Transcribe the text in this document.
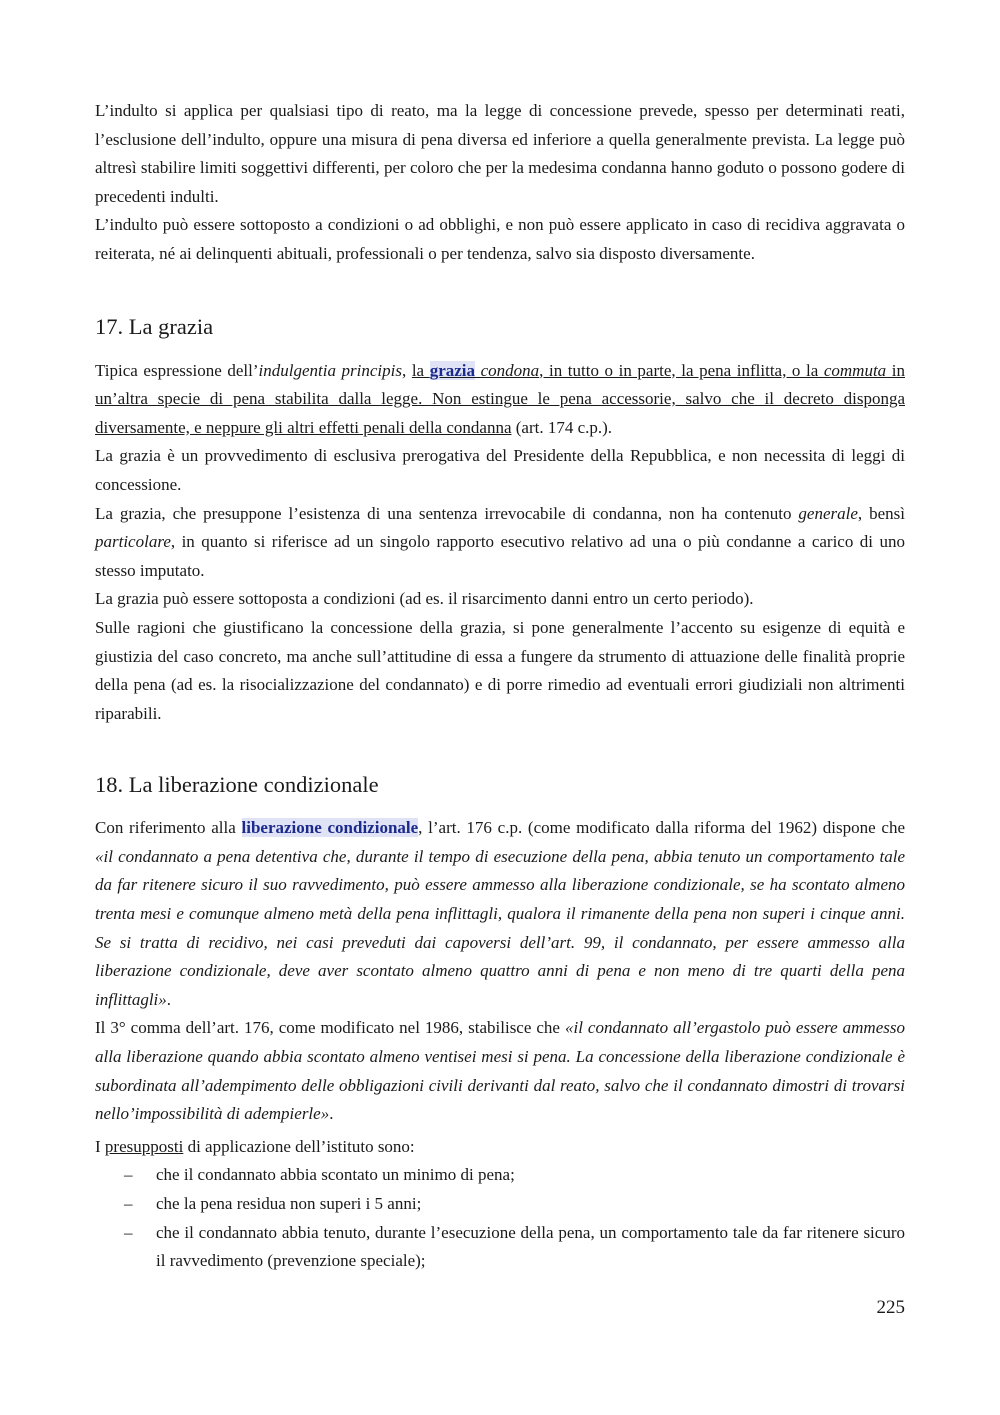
L’indulto si applica per qualsiasi tipo di reato, ma la legge di concessione prevede, spesso per determinati reati, l’esclusione dell’indulto, oppure una misura di pena diversa ed inferiore a quella generalmente prevista. La legge può altresì stabilire limiti soggettivi differenti, per coloro che per la medesima condanna hanno goduto o possono godere di precedenti indulti.

L’indulto può essere sottoposto a condizioni o ad obblighi, e non può essere applicato in caso di recidiva aggravata o reiterata, né ai delinquenti abituali, professionali o per tendenza, salvo sia disposto diversamente.

17. La grazia

Tipica espressione dell’indulgentia principis, la grazia condona, in tutto o in parte, la pena inflitta, o la commuta in un’altra specie di pena stabilita dalla legge. Non estingue le pena accessorie, salvo che il decreto disponga diversamente, e neppure gli altri effetti penali della condanna (art. 174 c.p.).

La grazia è un provvedimento di esclusiva prerogativa del Presidente della Repubblica, e non necessita di leggi di concessione.

La grazia, che presuppone l’esistenza di una sentenza irrevocabile di condanna, non ha contenuto generale, bensì particolare, in quanto si riferisce ad un singolo rapporto esecutivo relativo ad una o più condanne a carico di uno stesso imputato.

La grazia può essere sottoposta a condizioni (ad es. il risarcimento danni entro un certo periodo).

Sulle ragioni che giustificano la concessione della grazia, si pone generalmente l’accento su esigenze di equità e giustizia del caso concreto, ma anche sull’attitudine di essa a fungere da strumento di attuazione delle finalità proprie della pena (ad es. la risocializzazione del condannato) e di porre rimedio ad eventuali errori giudiziali non altrimenti riparabili.

18. La liberazione condizionale

Con riferimento alla liberazione condizionale, l’art. 176 c.p. (come modificato dalla riforma del 1962) dispone che «il condannato a pena detentiva che, durante il tempo di esecuzione della pena, abbia tenuto un comportamento tale da far ritenere sicuro il suo ravvedimento, può essere ammesso alla liberazione condizionale, se ha scontato almeno trenta mesi e comunque almeno metà della pena inflittagli, qualora il rimanente della pena non superi i cinque anni. Se si tratta di recidivo, nei casi preveduti dai capoversi dell’art. 99, il condannato, per essere ammesso alla liberazione condizionale, deve aver scontato almeno quattro anni di pena e non meno di tre quarti della pena inflittagli».

Il 3° comma dell’art. 176, come modificato nel 1986, stabilisce che «il condannato all’ergastolo può essere ammesso alla liberazione quando abbia scontato almeno ventisei mesi si pena. La concessione della liberazione condizionale è subordinata all’adempimento delle obbligazioni civili derivanti dal reato, salvo che il condannato dimostri di trovarsi nello’impossibilità di adempierle».

I presupposti di applicazione dell’istituto sono:

– che il condannato abbia scontato un minimo di pena;
– che la pena residua non superi i 5 anni;
– che il condannato abbia tenuto, durante l’esecuzione della pena, un comportamento tale da far ritenere sicuro il ravvedimento (prevenzione speciale);
225
